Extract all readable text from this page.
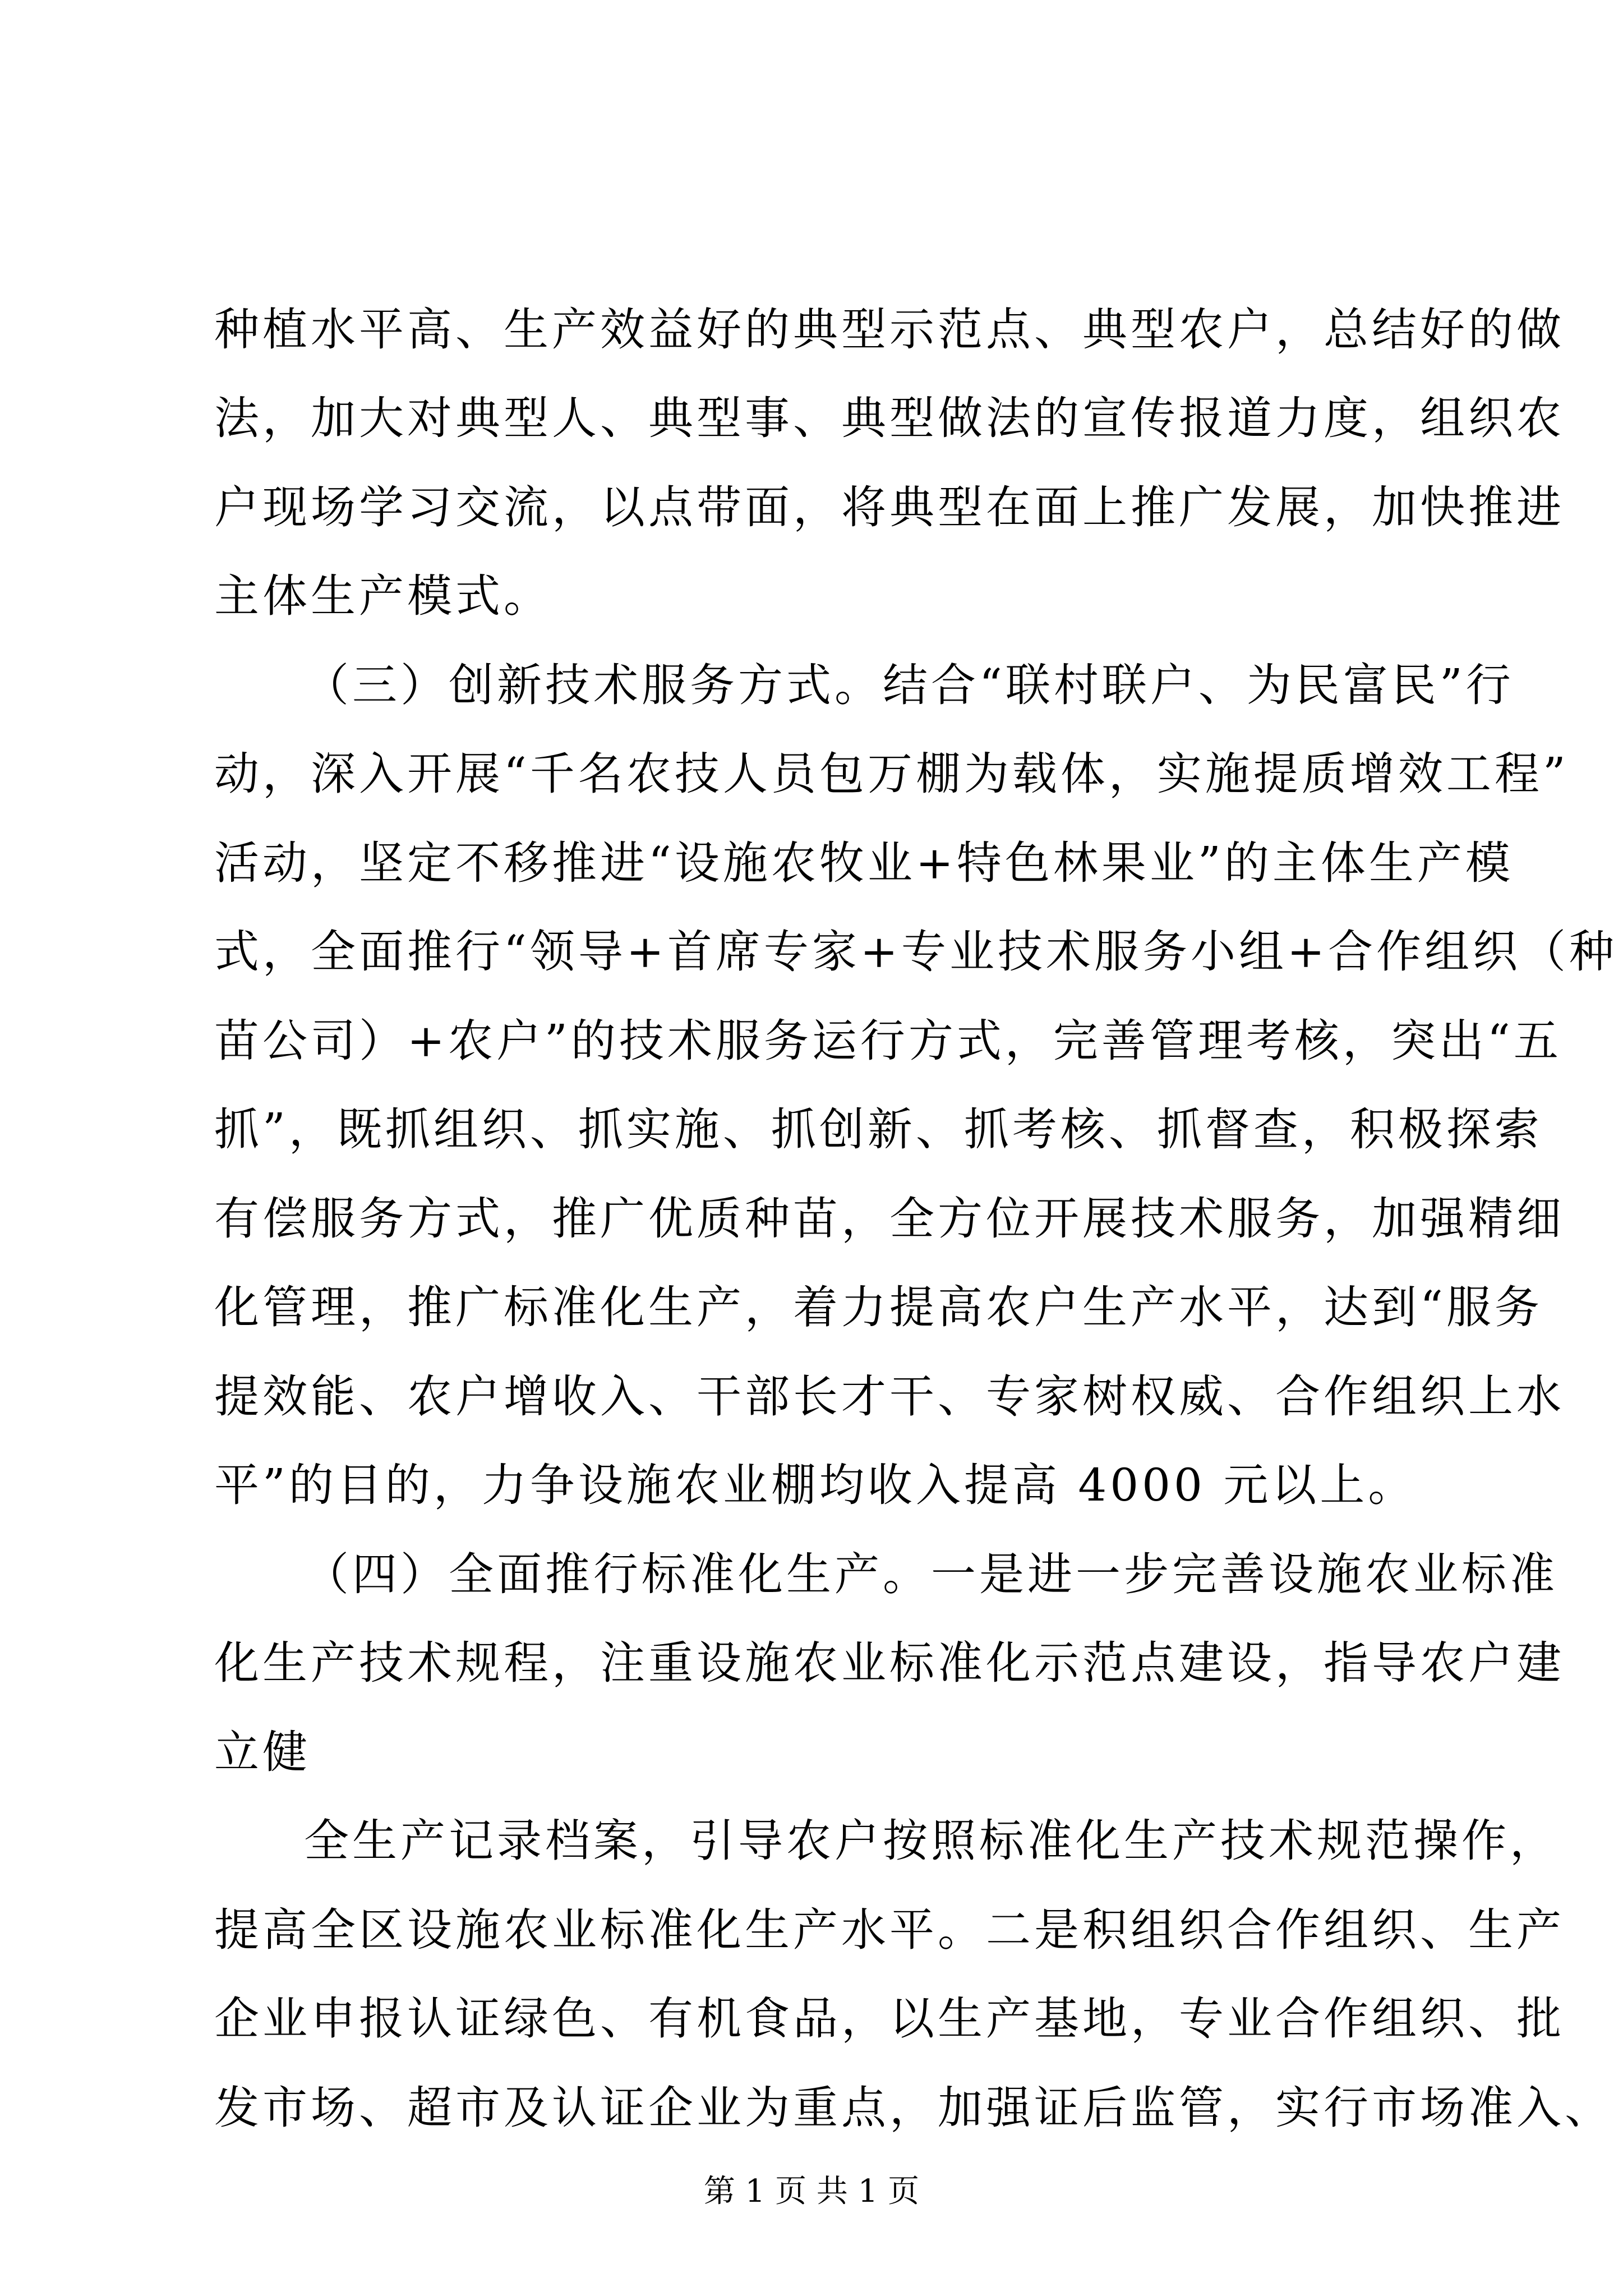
种植水平高、生产效益好的典型示范点、典型农户，总结好的做
法，加大对典型人、典型事、典型做法的宣传报道力度，组织农
户现场学习交流，以点带面，将典型在面上推广发展，加快推进
主体生产模式。
（三）创新技术服务方式。结合“联村联户、为民富民”行
动，深入开展“千名农技人员包万棚为载体，实施提质增效工程”
活动，坚定不移推进“设施农牧业+特色林果业”的主体生产模
式，全面推行“领导+首席专家+专业技术服务小组+合作组织（种
苗公司）+农户”的技术服务运行方式，完善管理考核，突出“五
抓”，既抓组织、抓实施、抓创新、抓考核、抓督查，积极探索
有偿服务方式，推广优质种苗，全方位开展技术服务，加强精细
化管理，推广标准化生产，着力提高农户生产水平，达到“服务
提效能、农户增收入、干部长才干、专家树权威、合作组织上水
平”的目的，力争设施农业棚均收入提高 4000 元以上。
（四）全面推行标准化生产。一是进一步完善设施农业标准
化生产技术规程，注重设施农业标准化示范点建设，指导农户建
立健
全生产记录档案，引导农户按照标准化生产技术规范操作，
提高全区设施农业标准化生产水平。二是积组织合作组织、生产
企业申报认证绿色、有机食品，以生产基地，专业合作组织、批
发市场、超市及认证企业为重点，加强证后监管，实行市场准入、
第 1 页 共 1 页
